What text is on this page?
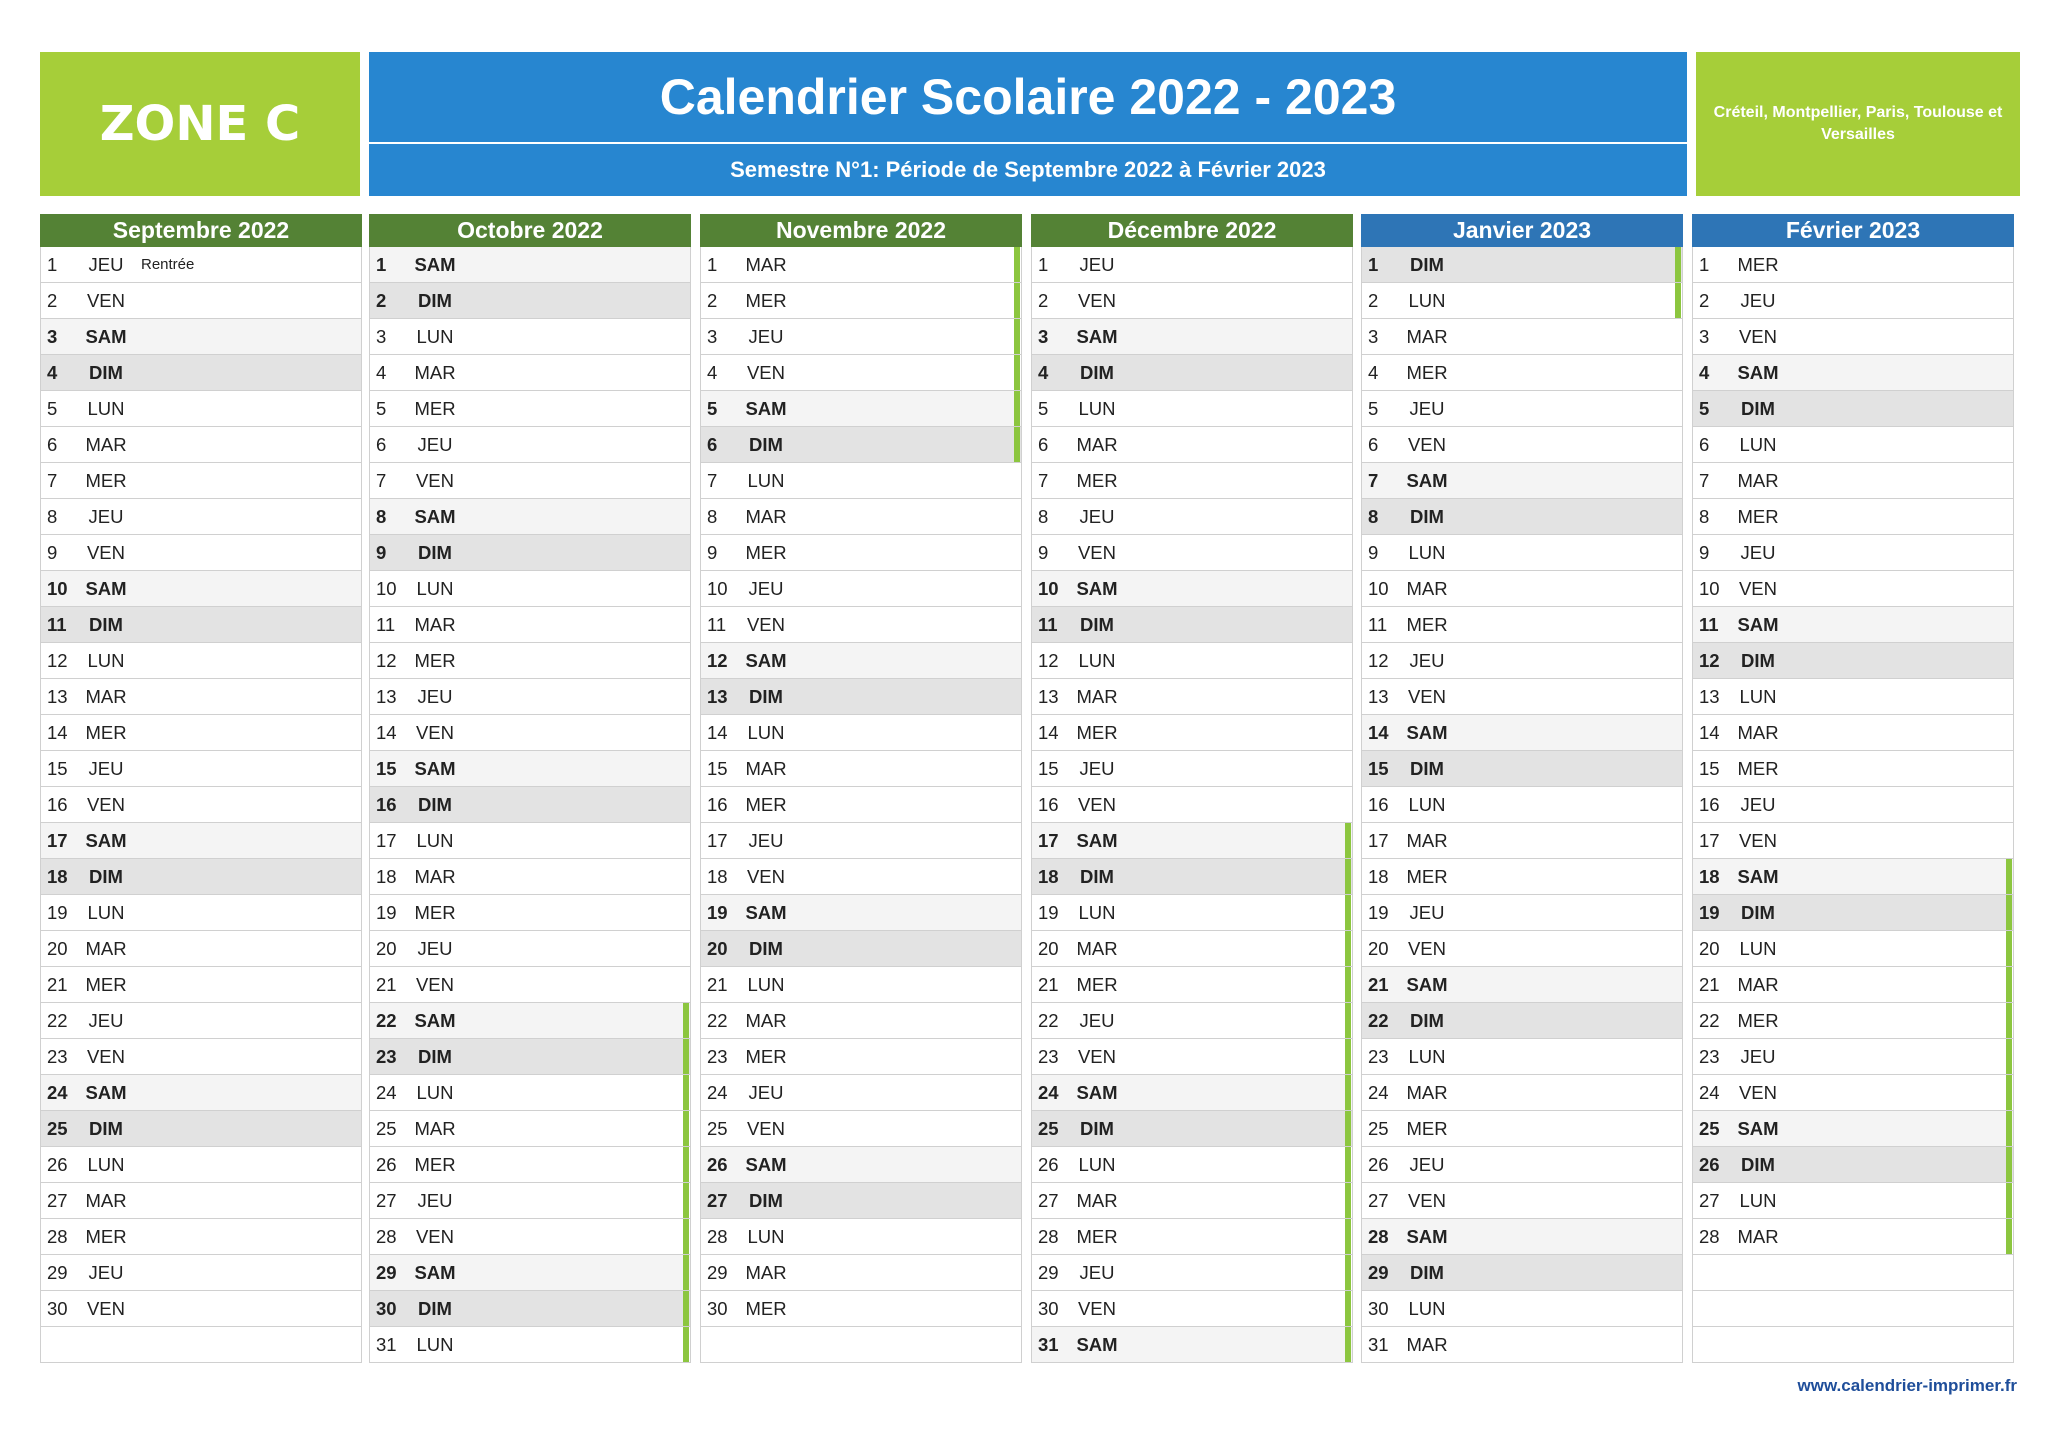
ZONE C	Calendrier Scolaire 2022 - 2023
Semestre N°1: Période de Septembre 2022 à Février 2023
Créteil, Montpellier, Paris, Toulouse et Versailles
Septembre 2022
1	JEU	Rentrée
2	VEN
3	SAM
4	DIM
5	LUN
6	MAR
7	MER
8	JEU
9	VEN
10 SAM
11	DIM
12	LUN
13 MAR
14 MER
15	JEU
16	VEN
17 SAM
18	DIM
19	LUN
20 MAR
21 MER
22	JEU
23	VEN
24 SAM
25	DIM
26	LUN
27 MAR
28 MER
29	JEU
30	VEN
Octobre 2022
1	SAM
2	DIM
3	LUN
4	MAR
5	MER
6	JEU
7	VEN
8	SAM
9	DIM
10	LUN
11	MAR
12 MER
13	JEU
14	VEN
15 SAM
16	DIM
17	LUN
18 MAR
19 MER
20	JEU
21	VEN
22 SAM
23	DIM
24	LUN
25 MAR
26 MER
27	JEU
28	VEN
29 SAM
30	DIM
31	LUN
Novembre 2022
1	MAR
2	MER
3	JEU
4	VEN
5	SAM
6	DIM
7	LUN
8	MAR
9	MER
10	JEU
11	VEN
12 SAM
13	DIM
14	LUN
15 MAR
16 MER
17	JEU
18	VEN
19 SAM
20	DIM
21	LUN
22 MAR
23 MER
24	JEU
25	VEN
26 SAM
27	DIM
28	LUN
29 MAR
30 MER
Décembre 2022
1	JEU
2	VEN
3	SAM
4	DIM
5	LUN
6	MAR
7	MER
8	JEU
9	VEN
10 SAM
11	DIM
12	LUN
13 MAR
14 MER
15	JEU
16	VEN
17 SAM
18	DIM
19	LUN
20 MAR
21 MER
22	JEU
23	VEN
24 SAM
25	DIM
26	LUN
27 MAR
28 MER
29	JEU
30	VEN
31 SAM
Janvier 2023
1	DIM
2	LUN
3	MAR
4	MER
5	JEU
6	VEN
7	SAM
8	DIM
9	LUN
10 MAR
11	MER
12	JEU
13	VEN
14 SAM
15	DIM
16	LUN
17 MAR
18 MER
19	JEU
20	VEN
21 SAM
22	DIM
23	LUN
24 MAR
25 MER
26	JEU
27	VEN
28 SAM
29	DIM
30	LUN
31 MAR
Février 2023
1	MER
2	JEU
3	VEN
4	SAM
5	DIM
6	LUN
7	MAR
8	MER
9	JEU
10	VEN
11	SAM
12	DIM
13	LUN
14 MAR
15 MER
16	JEU
17	VEN
18 SAM
19	DIM
20	LUN
21 MAR
22 MER
23	JEU
24	VEN
25 SAM
26	DIM
27	LUN
28 MAR
www.calendrier-imprimer.fr
